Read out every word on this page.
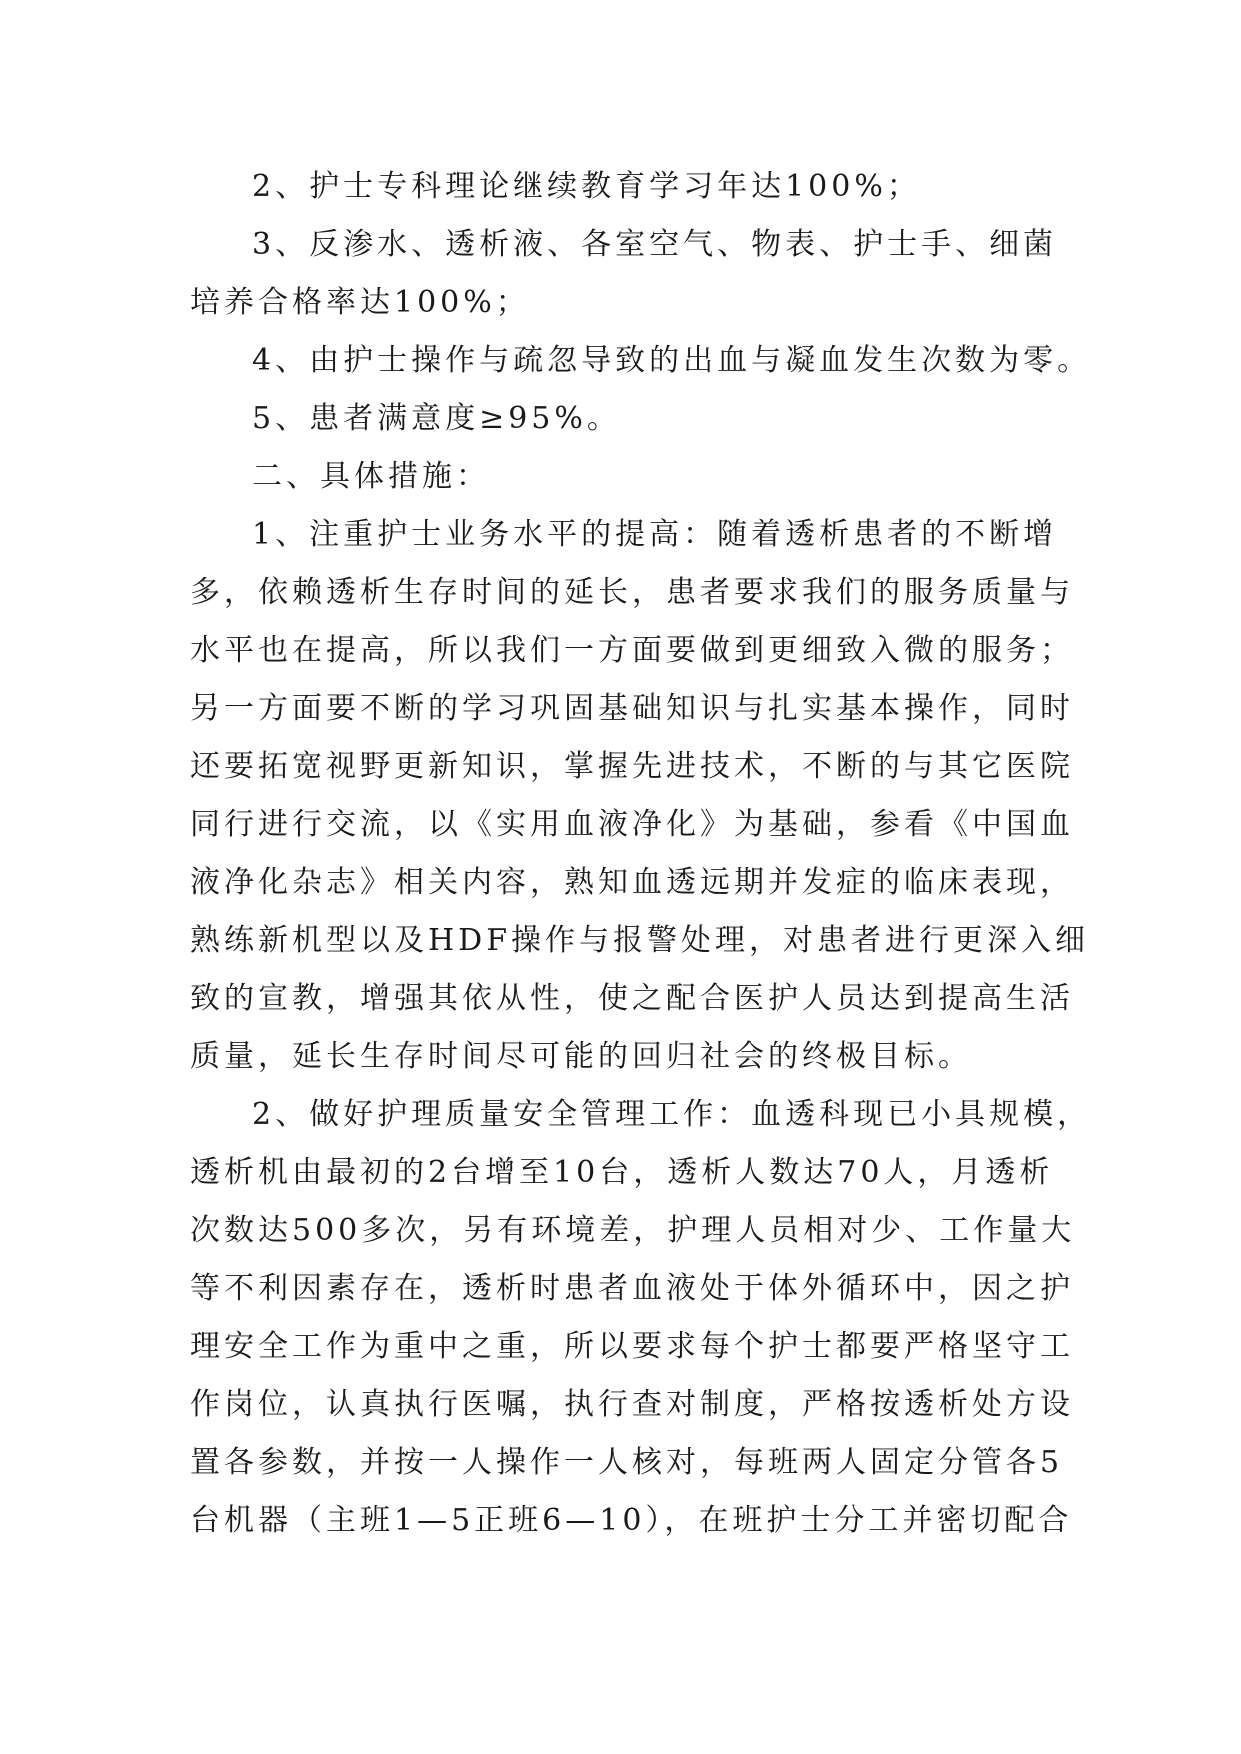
2、护士专科理论继续教育学习年达100%；

3、反渗水、透析液、各室空气、物表、护士手、细菌

培养合格率达100%；

4、由护士操作与疏忽导致的出血与凝血发生次数为零。

5、患者满意度≥95%。

二、具体措施：

1、注重护士业务水平的提高：随着透析患者的不断增

多，依赖透析生存时间的延长，患者要求我们的服务质量与

水平也在提高，所以我们一方面要做到更细致入微的服务；

另一方面要不断的学习巩固基础知识与扎实基本操作，同时

还要拓宽视野更新知识，掌握先进技术，不断的与其它医院

同行进行交流，以《实用血液净化》为基础，参看《中国血

液净化杂志》相关内容，熟知血透远期并发症的临床表现，

熟练新机型以及HDF操作与报警处理，对患者进行更深入细

致的宣教，增强其依从性，使之配合医护人员达到提高生活

质量，延长生存时间尽可能的回归社会的终极目标。

2、做好护理质量安全管理工作：血透科现已小具规模，

透析机由最初的2台增至10台，透析人数达70人，月透析

次数达500多次，另有环境差，护理人员相对少、工作量大

等不利因素存在，透析时患者血液处于体外循环中，因之护

理安全工作为重中之重，所以要求每个护士都要严格坚守工

作岗位，认真执行医嘱，执行查对制度，严格按透析处方设

置各参数，并按一人操作一人核对，每班两人固定分管各5

台机器（主班1—5正班6—10），在班护士分工并密切配合
